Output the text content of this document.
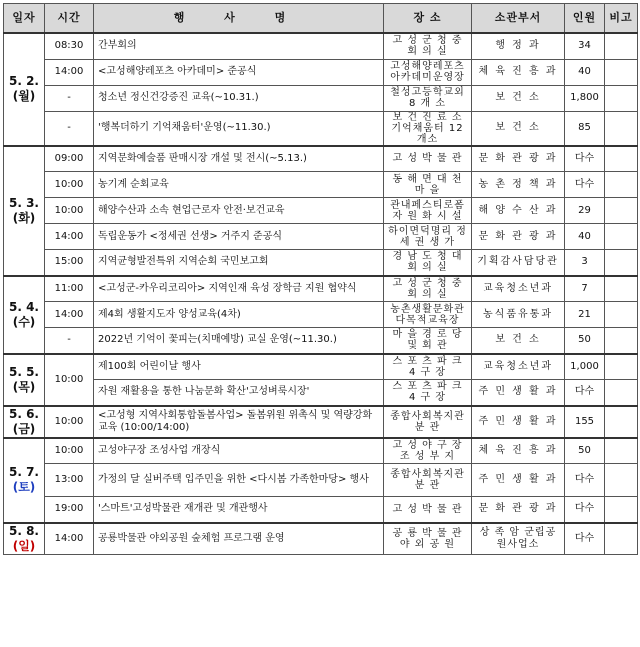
일자	시간	행 사 명	장 소	소관부서	인원	비고
5. 2.
(월)	08:30	간부회의	고 성 군 청 중 회 의 실	행 정 과	34	
	14:00	<고성해양레포츠 아카데미> 준공식	고성해양레포츠 아카데미운영장	체 육 진 흥 과	40	
	-	청소년 정신건강증진 교육(~10.31.)	철성고등학교외 8 개 소	보 건 소	1,800	
	-	'행복더하기 기억채움터'운영(~11.30.)	보 건 진 료 소 기억채움터 12개소	보 건 소	85	
5. 3.
(화)	09:00	지역문화예술품 판매시장 개설 및 전시(~5.13.)	고 성 박 물 관	문 화 관 광 과	다수	
	10:00	농기계 순회교육	동 해 면 대 천 마 을	농 촌 정 책 과	다수	
	10:00	해양수산과 소속 현업근로자 안전·보건교육	관내페스티로폼 자 원 화 시 설	해 양 수 산 과	29	
	14:00	독립운동가 <정세권 선생> 거주지 준공식	하이면덕명리 정 세 권 생 가	문 화 관 광 과	40	
	15:00	지역균형발전특위 지역순회 국민보고회	경 남 도 청 대 회 의 실	기획감사담당관	3	
5. 4.
(수)	11:00	<고성군-카우리코리아> 지역인재 육성 장학금 지원 협약식	고 성 군 청 중 회 의 실	교육청소년과	7	
	14:00	제4회 생활지도자 양성교육(4차)	농촌생활문화관 다목적교육장	농식품유통과	21	
	-	2022년 기억이 꽃피는(치매예방) 교실 운영(~11.30.)	마 을 경 로 당 및 회 관	보 건 소	50	
5. 5.
(목)	10:00	제100회 어린이날 행사	스 포 츠 파 크 4 구 장	교육청소년과	1,000	
		자원 재활용을 통한 나눔문화 확산'고성벼룩시장'	스 포 츠 파 크 4 구 장	주 민 생 활 과	다수	
5. 6.
(금)	10:00	<고성형 지역사회통합돌봄사업> 돌봄위원 위촉식 및 역량강화교육 (10:00/14:00)	종합사회복지관 분 관	주 민 생 활 과	155	
5. 7.
(토)	10:00	고성야구장 조성사업 개장식	고 성 야 구 장 조 성 부 지	체 육 진 흥 과	50	
	13:00	가정의 달 실버주택 입주민을 위한 <다시봄 가족한마당> 행사	종합사회복지관 분 관	주 민 생 활 과	다수	
	19:00	'스마트'고성박물관 재개관 및 개관행사	고 성 박 물 관	문 화 관 광 과	다수	
5. 8.
(일)	14:00	공룡박물관 야외공원 숲체험 프로그램 운영	공 룡 박 물 관 야 외 공 원	상 족 암 군립공원사업소	다수	
